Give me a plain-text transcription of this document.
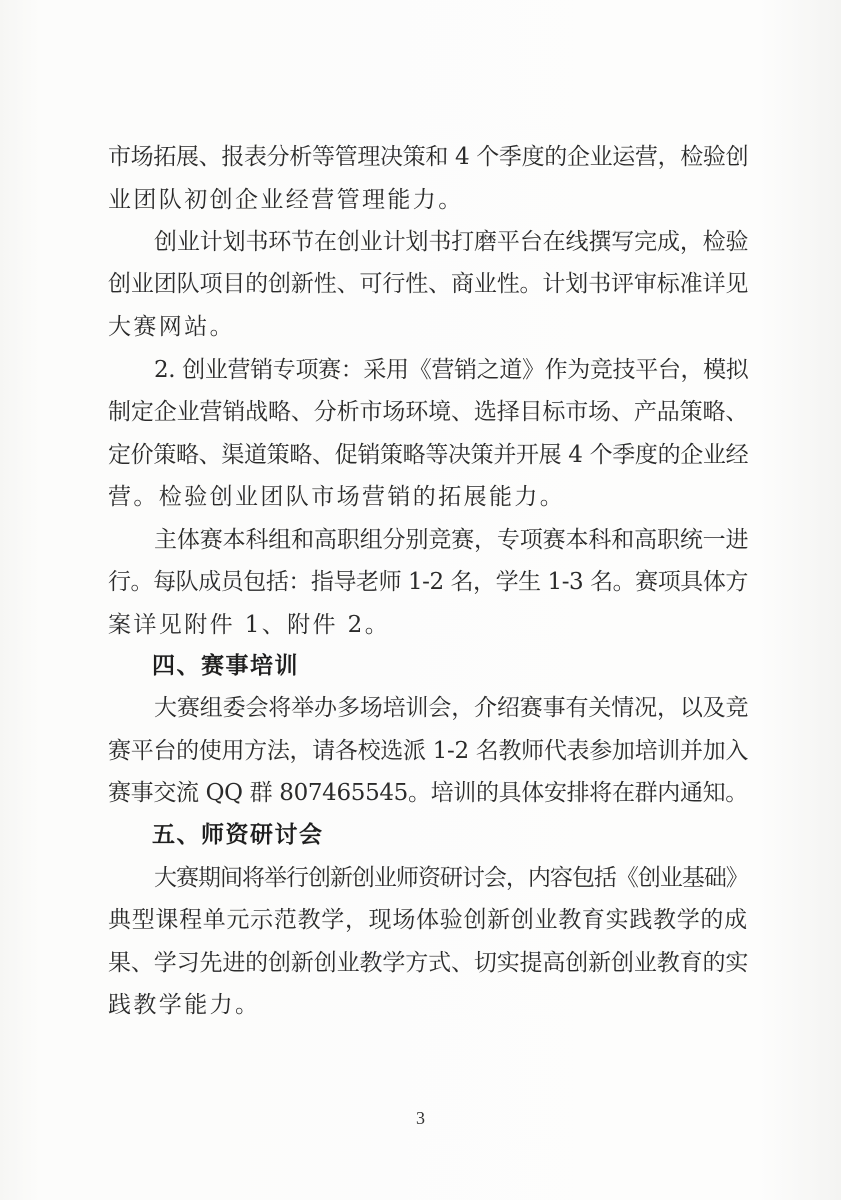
市场拓展、报表分析等管理决策和 4 个季度的企业运营，检验创
业团队初创企业经营管理能力。
创业计划书环节在创业计划书打磨平台在线撰写完成，检验
创业团队项目的创新性、可行性、商业性。计划书评审标准详见
大赛网站。
2. 创业营销专项赛：采用《营销之道》作为竞技平台，模拟
制定企业营销战略、分析市场环境、选择目标市场、产品策略、
定价策略、渠道策略、促销策略等决策并开展 4 个季度的企业经
营。检验创业团队市场营销的拓展能力。
主体赛本科组和高职组分别竞赛，专项赛本科和高职统一进
行。每队成员包括：指导老师 1-2 名，学生 1-3 名。赛项具体方
案详见附件 1、附件 2。
四、赛事培训
大赛组委会将举办多场培训会，介绍赛事有关情况，以及竞
赛平台的使用方法，请各校选派 1-2 名教师代表参加培训并加入
赛事交流 QQ 群 807465545。培训的具体安排将在群内通知。
五、师资研讨会
大赛期间将举行创新创业师资研讨会，内容包括《创业基础》
典型课程单元示范教学，现场体验创新创业教育实践教学的成
果、学习先进的创新创业教学方式、切实提高创新创业教育的实
践教学能力。
3
